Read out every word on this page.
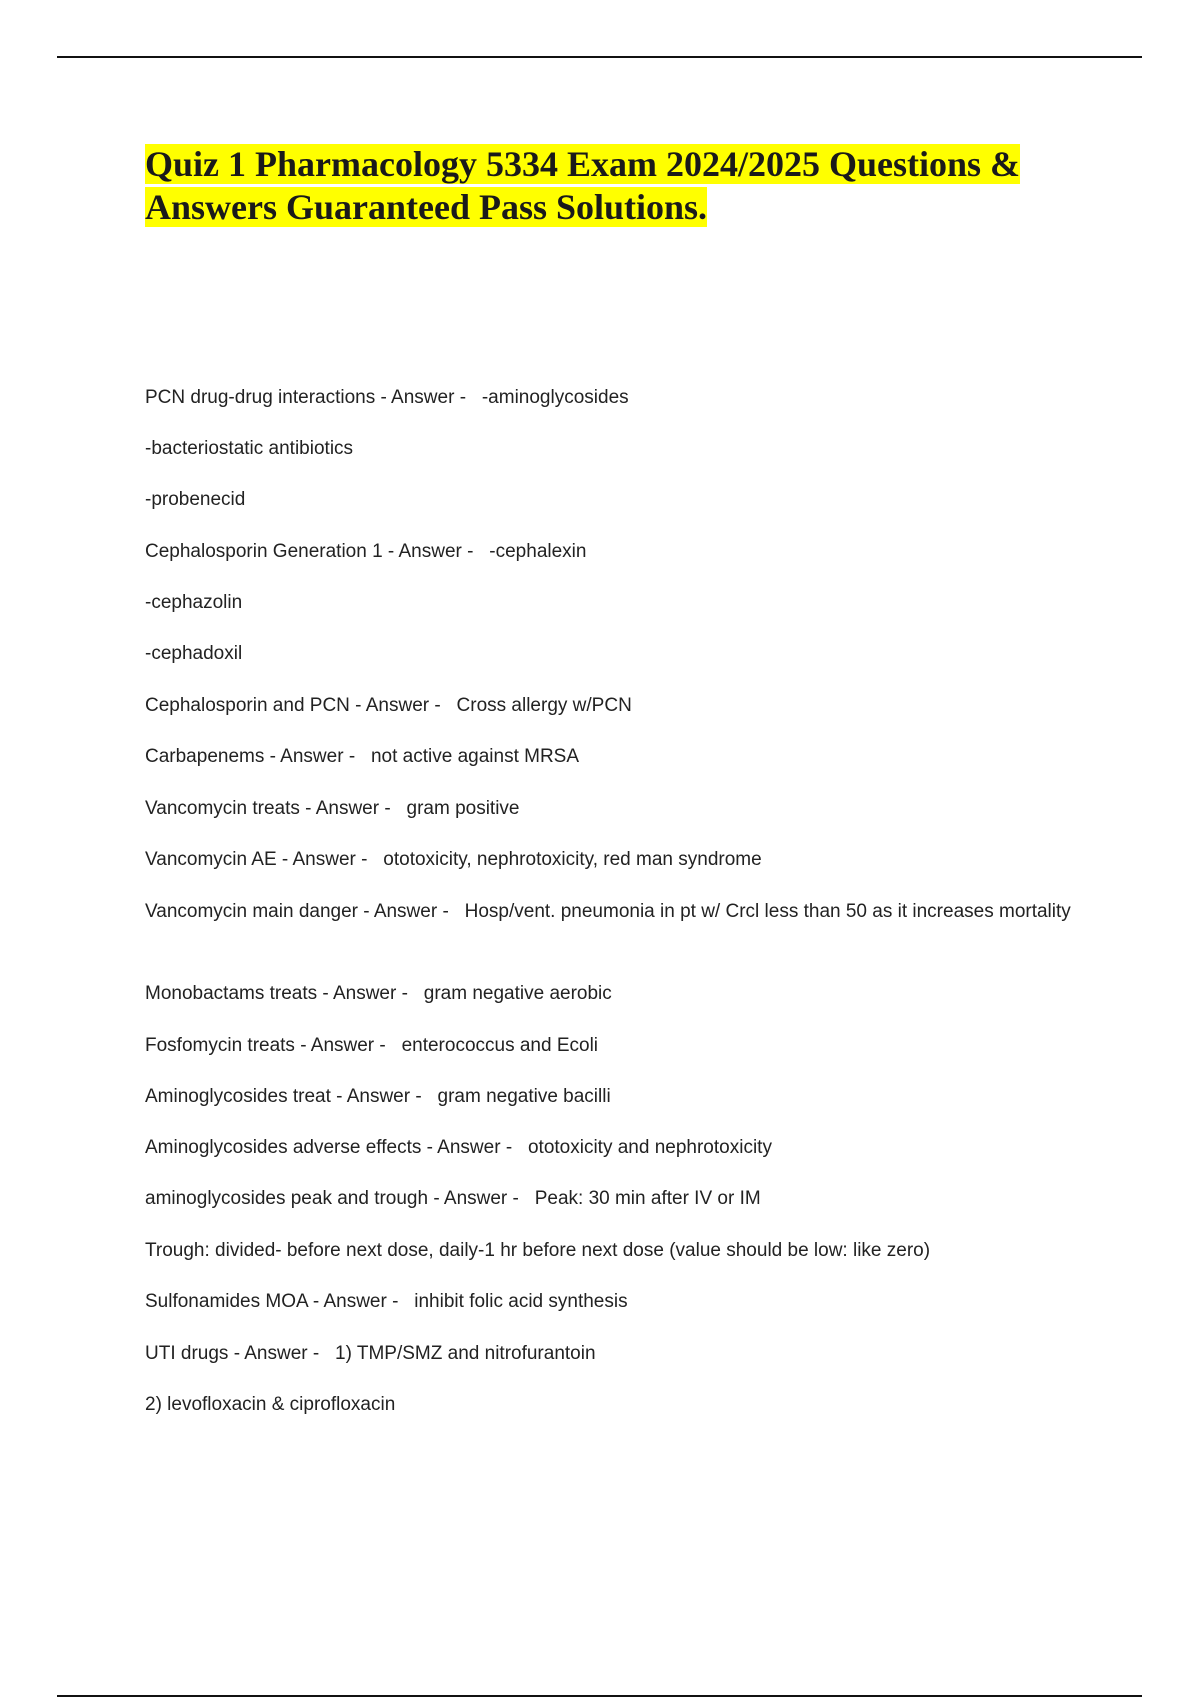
Quiz 1 Pharmacology 5334 Exam 2024/2025 Questions & Answers Guaranteed Pass Solutions.

PCN drug-drug interactions - Answer -   -aminoglycosides

-bacteriostatic antibiotics

-probenecid

Cephalosporin Generation 1 - Answer -   -cephalexin

-cephazolin

-cephadoxil

Cephalosporin and PCN - Answer -   Cross allergy w/PCN

Carbapenems - Answer -   not active against MRSA

Vancomycin treats - Answer -   gram positive

Vancomycin AE - Answer -   ototoxicity, nephrotoxicity, red man syndrome

Vancomycin main danger - Answer -   Hosp/vent. pneumonia in pt w/ Crcl less than 50 as it increases mortality

Monobactams treats - Answer -   gram negative aerobic

Fosfomycin treats - Answer -   enterococcus and Ecoli

Aminoglycosides treat - Answer -   gram negative bacilli

Aminoglycosides adverse effects - Answer -   ototoxicity and nephrotoxicity

aminoglycosides peak and trough - Answer -   Peak: 30 min after IV or IM

Trough: divided- before next dose, daily-1 hr before next dose (value should be low: like zero)

Sulfonamides MOA - Answer -   inhibit folic acid synthesis

UTI drugs - Answer -   1) TMP/SMZ and nitrofurantoin

2) levofloxacin & ciprofloxacin
